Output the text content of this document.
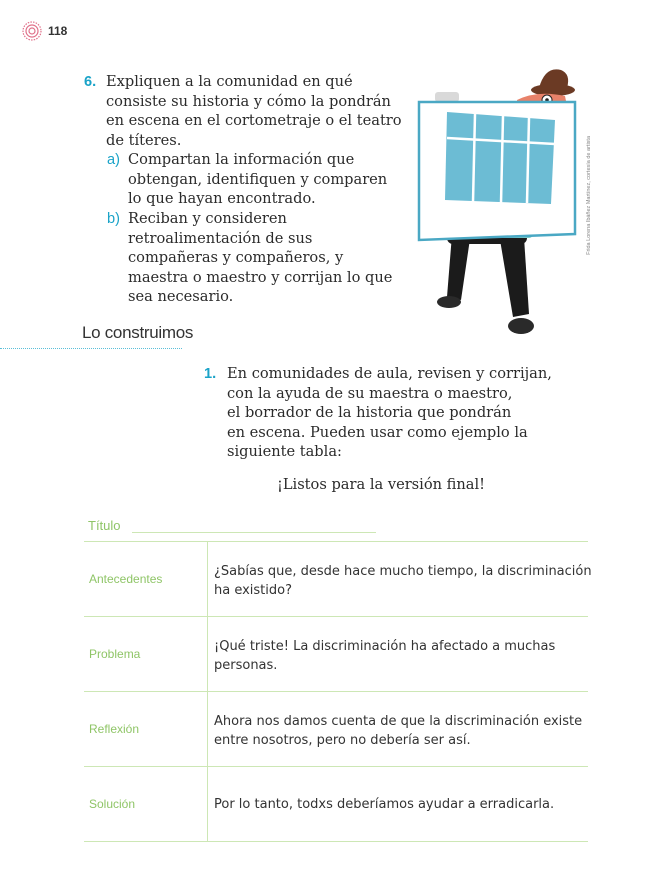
118
6. Expliquen a la comunidad en qué
consiste su historia y cómo la pondrán
en escena en el cortometraje o el teatro
de títeres.
a) Compartan la información que
obtengan, identifiquen y comparen
lo que hayan encontrado.
b) Reciban y consideren
retroalimentación de sus
compañeras y compañeros, y
maestra o maestro y corrijan lo que
sea necesario.
Frida Lorena Ibáñez Martínez, cortesía de artista
Lo construimos
1. En comunidades de aula, revisen y corrijan,
con la ayuda de su maestra o maestro,
el borrador de la historia que pondrán
en escena. Pueden usar como ejemplo la
siguiente tabla:
¡Listos para la versión final!
Título
Antecedentes	¿Sabías que, desde hace mucho tiempo, la discriminación
ha existido?
Problema	¡Qué triste! La discriminación ha afectado a muchas
personas.
Reflexión	Ahora nos damos cuenta de que la discriminación existe
entre nosotros, pero no debería ser así.
Solución	Por lo tanto, todxs deberíamos ayudar a erradicarla.
